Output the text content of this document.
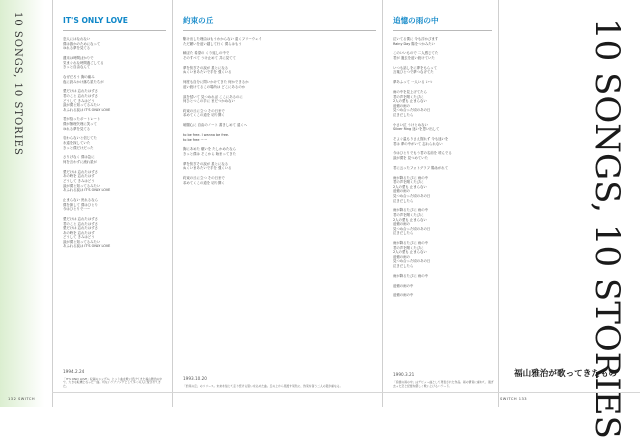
10 SONGS, 10 STORIES	IT'S ONLY LOVE
恋人にはなれない
僕は誰かのためになって
ゆれる夢を見てる
週末は時間ばかりで
気まぐれな時間過ごしてる
きっと自由なんて
なぜだろう 胸の痛み
夜に読みかけ落ち星たちが
愛だけは 忘れたはずさ
君のこと 忘れたはずさ
どうして きみはどう
涙が僕と知ってるみたい
あふれる涙は IT'S ONLY LOVE
君が拾ったポートレート
僕が無理矢理に笑って
ゆれる夢を見てる
変わらないと信じてた
永遠を探していた
きっと僕だけだった
さりげなく 僕は急に
何を言わずに流れ星が
愛だけは 忘れたはずさ
あの時を 忘れたはず
どうして きみはどう
涙が僕と知ってるみたい
あふれる涙は IT'S ONLY LOVE
止まらない 戻れるなら
僕を探して 僕はひとり
今はひとりで一ー
愛だけは 忘れたはずさ
君のこと 忘れたはずさ
愛だけは 忘れたはずさ
あの時を 忘れたはず
どうして きみはどう
涙が僕と知ってるみたい
あふれる涙は IT'S ONLY LOVE
1994.2.24
「IT'S ONLY LOVE」収録のシングル。ヒット曲を歌い続けてきた福山雅治の中で、大きな転機となった一曲。切ないラブソングとして多くの人に愛されてきた。
約束の丘
駆け出した理由はもうわからない 遠くフリーウェイ
ただ願いを追い越して行く 僕らはもう
瞬ぼた 希望の くり返しの中で
そのすべて うけ止めて 共に見てて
夢を紡ぎその涙が 星とになる
ぬくいまあたいで手を 強くいる
何度も自分に問いかけてきた 何かできるか
追い続けてるこの場所は どこにあるのか
涙を拭いて 見つめれば ここにあるのに
何ひとつこの手に まだつかめない
約束の丘に立つ その日まで
求めてくこの道を 切り開く
暗闇心に 自由のノート 書きしめて 遠くへ
to be free. I wanna be free.
to be free ーー
胸にあめた 願いを たしかめたなら
きっと僕は そこから 始まってきた
夢を紡ぎその涙が 星とになる
ぬくいまあたいで手を 強くいる
約束の丘に立つ その日まで
求めてくこの道を 切り開く
1993.10.20
「約束の丘」のリリース。未来を信じて走り続ける思いを込めた曲。丘の上から見渡す景色に、約束を誓う二人の姿が重なる。
追憶の雨の中
泣いてる僕に 今も浮かびます
Rainy Day 陽をつかみたい
このいいもので 二人感じてた
君が 過去を追い続けていた
いつも話しをに夢をもらって
言葉ひとつで夢つなげてた
夢あふって 一人いる いつ
雨の中を見上げてたら
君の声を聞くたびに
2人の愛も 止まらない
追憶の雨の
見つめ合った頃のあの日
泣きだしたら
小さい泣 うけとめない
Silver Ring 迷いを思い出して
そよぐ温もりさえ握れず 今も迷いを
君は 夢の中がいて 忘れられない
今はひとりでもう君の名前を 呼んでる
涙が僕を 見つめていた
君に云ったフォトグラフ 陽泳がれて
雨が降るたびに 雨の中
君の声を聞くたびに
2人の愛も 止まらない
追憶の雨の
見つめ合った頃のあの日
泣きだしたら
雨が降るたびに 雨の中
君の声を聞くたびに
2人の愛も 止まらない
追憶の雨の
見つめ合った頃のあの日
泣きだしたら
雨が降るたびに 雨の中
君の声を聞くたびに
2人の愛も 止まらない
追憶の雨の
見つめ合った頃のあの日
泣きだしたら
雨が降るたびに 雨の中
追憶の雨の中
追憶の雨の中
1990.3.21
「追憶の雨の中」はデビュー曲として発表された作品。雨の情景に重ねて、過ぎ去った恋と記憶を優しく歌い上げるバラード。	10 SONGS, 10 STORIES
福山雅治が歌ってきたもの
132 SWITCH	SWITCH 133
